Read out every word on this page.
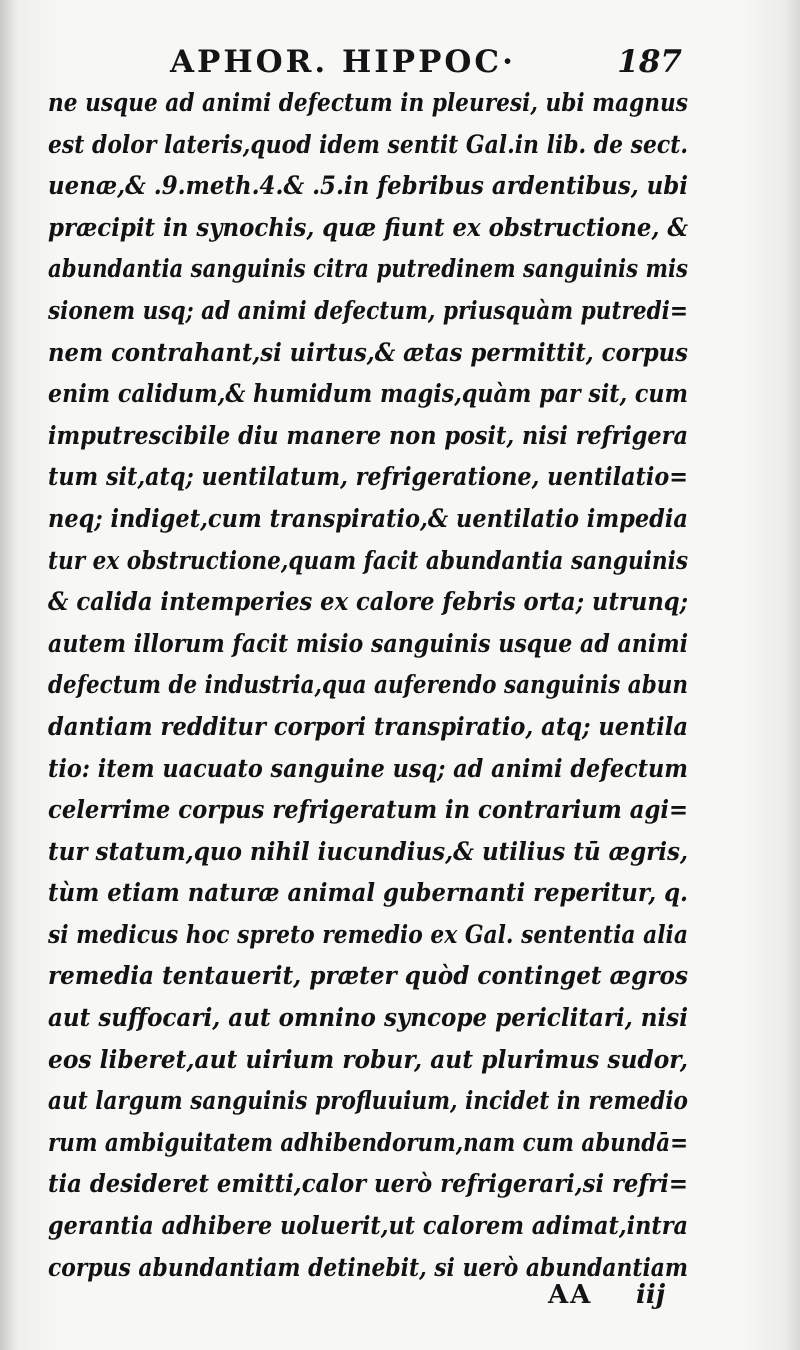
APHOR. HIPPOC·	187
ne usque ad animi defectum in pleuresi, ubi magnus
est dolor lateris,quod idem sentit Gal.in lib. de sect.
uenæ,& .9.meth.4.& .5.in febribus ardentibus, ubi
præcipit in synochis, quæ fiunt ex obstructione, &
abundantia sanguinis citra putredinem sanguinis mis
sionem usq; ad animi defectum, priusquàm putredi=
nem contrahant,si uirtus,& ætas permittit, corpus
enim calidum,& humidum magis,quàm par sit, cum
imputrescibile diu manere non posit, nisi refrigera
tum sit,atq; uentilatum, refrigeratione, uentilatio=
neq; indiget,cum transpiratio,& uentilatio impedia
tur ex obstructione,quam facit abundantia sanguinis
& calida intemperies ex calore febris orta; utrunq;
autem illorum facit misio sanguinis usque ad animi
defectum de industria,qua auferendo sanguinis abun
dantiam redditur corpori transpiratio, atq; uentila
tio: item uacuato sanguine usq; ad animi defectum
celerrime corpus refrigeratum in contrarium agi=
tur statum,quo nihil iucundius,& utilius tū ægris,
tùm etiam naturæ animal gubernanti reperitur, q.
si medicus hoc spreto remedio ex Gal. sententia alia
remedia tentauerit, præter quòd continget ægros
aut suffocari, aut omnino syncope periclitari, nisi
eos liberet,aut uirium robur, aut plurimus sudor,
aut largum sanguinis profluuium, incidet in remedio
rum ambiguitatem adhibendorum,nam cum abundā=
tia desideret emitti,calor uerò refrigerari,si refri=
gerantia adhibere uoluerit,ut calorem adimat,intra
corpus abundantiam detinebit, si uerò abundantiam
AA iij
